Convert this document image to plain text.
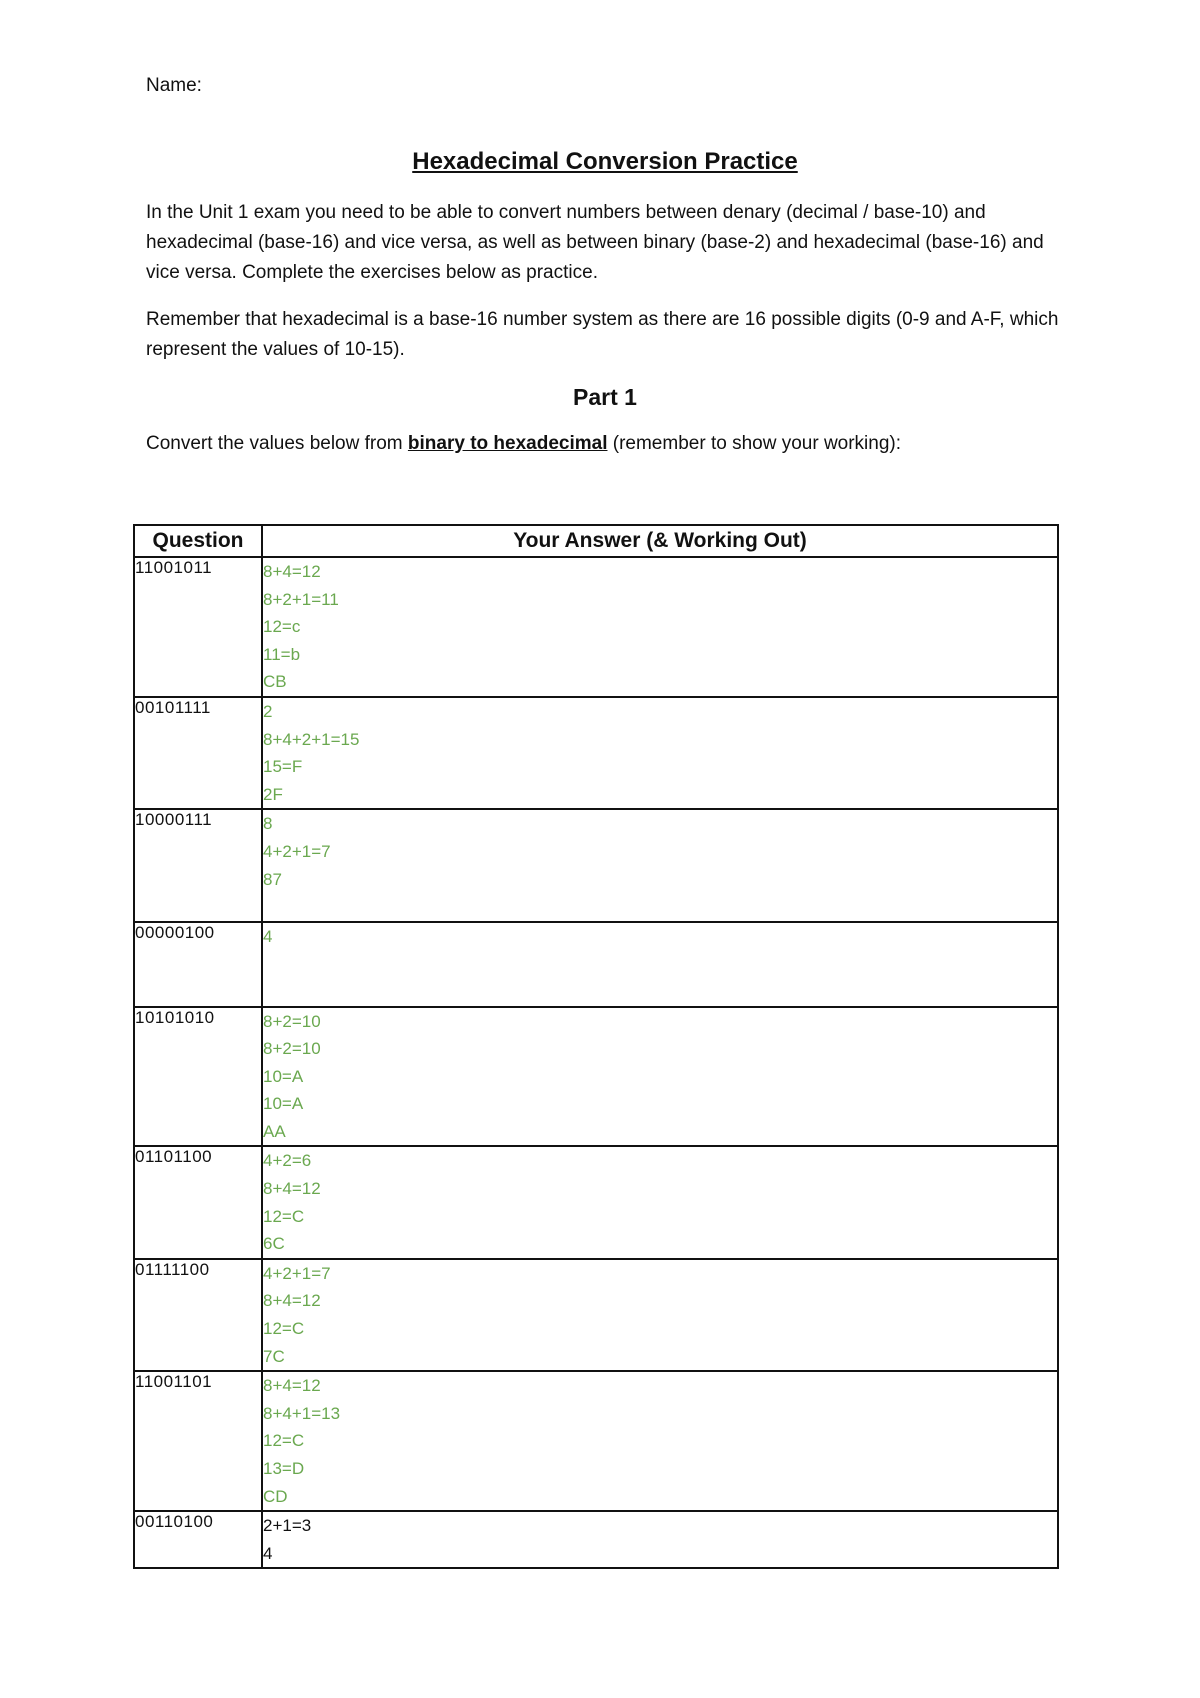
Name:
Hexadecimal Conversion Practice
In the Unit 1 exam you need to be able to convert numbers between denary (decimal / base-10) and hexadecimal (base-16) and vice versa, as well as between binary (base-2) and hexadecimal (base-16) and vice versa. Complete the exercises below as practice.
Remember that hexadecimal is a base-16 number system as there are 16 possible digits (0-9 and A-F, which represent the values of 10-15).
Part 1
Convert the values below from binary to hexadecimal (remember to show your working):
Question	Your Answer (& Working Out)
11001011	8+4=12
8+2+1=11
12=c
11=b
CB

00101111	2
8+4+2+1=15
15=F
2F

10000111	8
4+2+1=7
87

00000100	4

10101010	8+2=10
8+2=10
10=A
10=A
AA

01101100	4+2=6
8+4=12
12=C
6C

01111100	4+2+1=7
8+4=12
12=C
7C

11001101	8+4=12
8+4+1=13
12=C
13=D
CD

00110100	2+1=3
4
